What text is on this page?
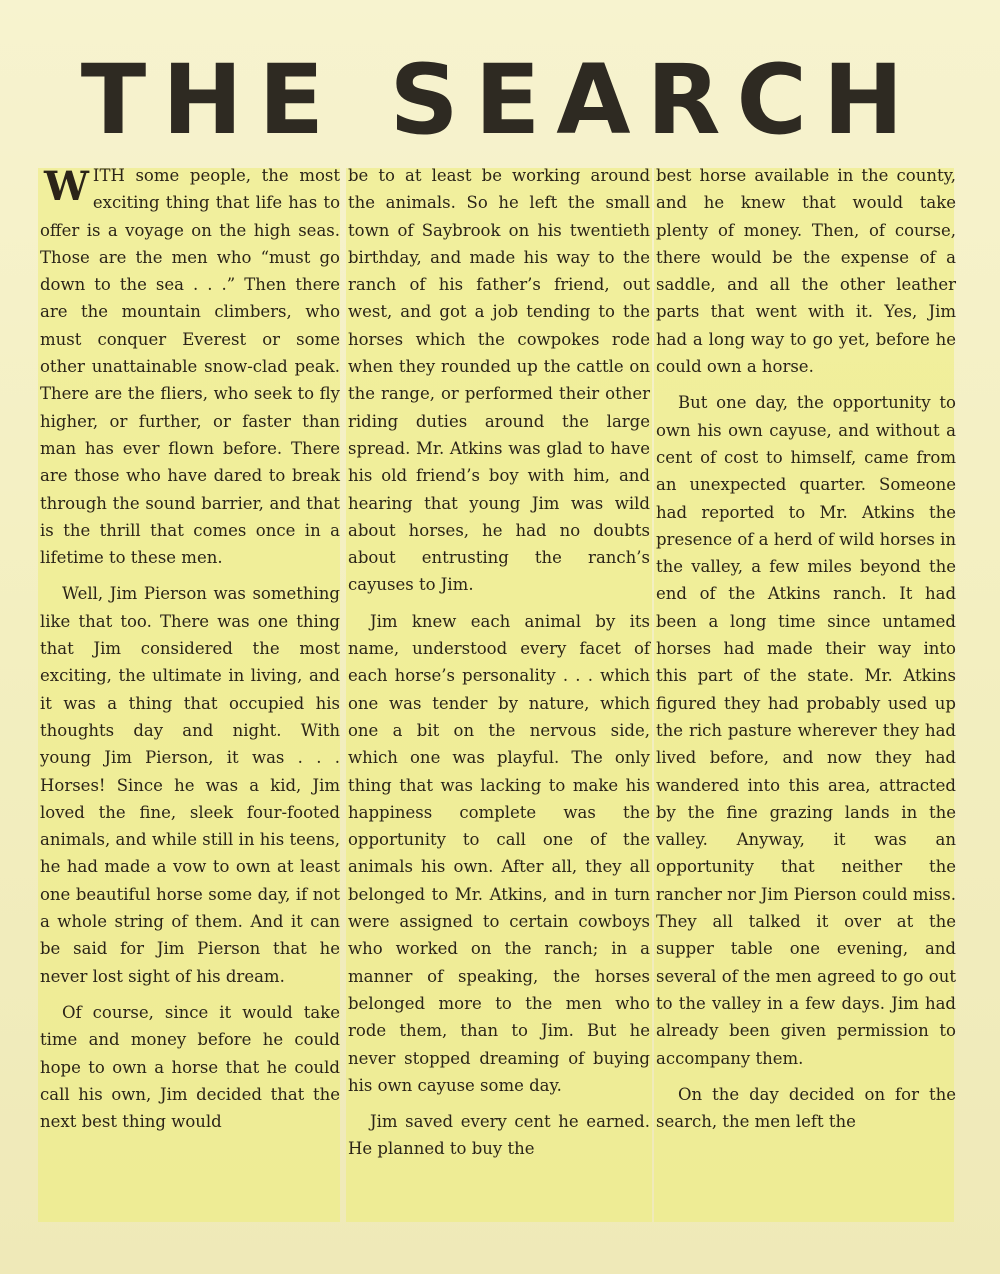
THE SEARCH

WITH some people, the most exciting thing that life has to offer is a voyage on the high seas. Those are the men who “must go down to the sea . . .” Then there are the mountain climbers, who must conquer Everest or some other unattainable snow-clad peak. There are the fliers, who seek to fly higher, or further, or faster than man has ever flown before. There are those who have dared to break through the sound barrier, and that is the thrill that comes once in a lifetime to these men.

Well, Jim Pierson was something like that too. There was one thing that Jim considered the most exciting, the ultimate in living, and it was a thing that occupied his thoughts day and night. With young Jim Pierson, it was . . . Horses! Since he was a kid, Jim loved the fine, sleek four-footed animals, and while still in his teens, he had made a vow to own at least one beautiful horse some day, if not a whole string of them. And it can be said for Jim Pierson that he never lost sight of his dream.

Of course, since it would take time and money before he could hope to own a horse that he could call his own, Jim decided that the next best thing would

be to at least be working around the animals. So he left the small town of Saybrook on his twentieth birthday, and made his way to the ranch of his father’s friend, out west, and got a job tending to the horses which the cowpokes rode when they rounded up the cattle on the range, or performed their other riding duties around the large spread. Mr. Atkins was glad to have his old friend’s boy with him, and hearing that young Jim was wild about horses, he had no doubts about entrusting the ranch’s cayuses to Jim.

Jim knew each animal by its name, understood every facet of each horse’s personality . . . which one was tender by nature, which one a bit on the nervous side, which one was playful. The only thing that was lacking to make his happiness complete was the opportunity to call one of the animals his own. After all, they all belonged to Mr. Atkins, and in turn were assigned to certain cowboys who worked on the ranch; in a manner of speaking, the horses belonged more to the men who rode them, than to Jim. But he never stopped dreaming of buying his own cayuse some day.

Jim saved every cent he earned. He planned to buy the

best horse available in the county, and he knew that would take plenty of money. Then, of course, there would be the expense of a saddle, and all the other leather parts that went with it. Yes, Jim had a long way to go yet, before he could own a horse.

But one day, the opportunity to own his own cayuse, and without a cent of cost to himself, came from an unexpected quarter. Someone had reported to Mr. Atkins the presence of a herd of wild horses in the valley, a few miles beyond the end of the Atkins ranch. It had been a long time since untamed horses had made their way into this part of the state. Mr. Atkins figured they had probably used up the rich pasture wherever they had lived before, and now they had wandered into this area, attracted by the fine grazing lands in the valley. Anyway, it was an opportunity that neither the rancher nor Jim Pierson could miss. They all talked it over at the supper table one evening, and several of the men agreed to go out to the valley in a few days. Jim had already been given permission to accompany them.

On the day decided on for the search, the men left the
